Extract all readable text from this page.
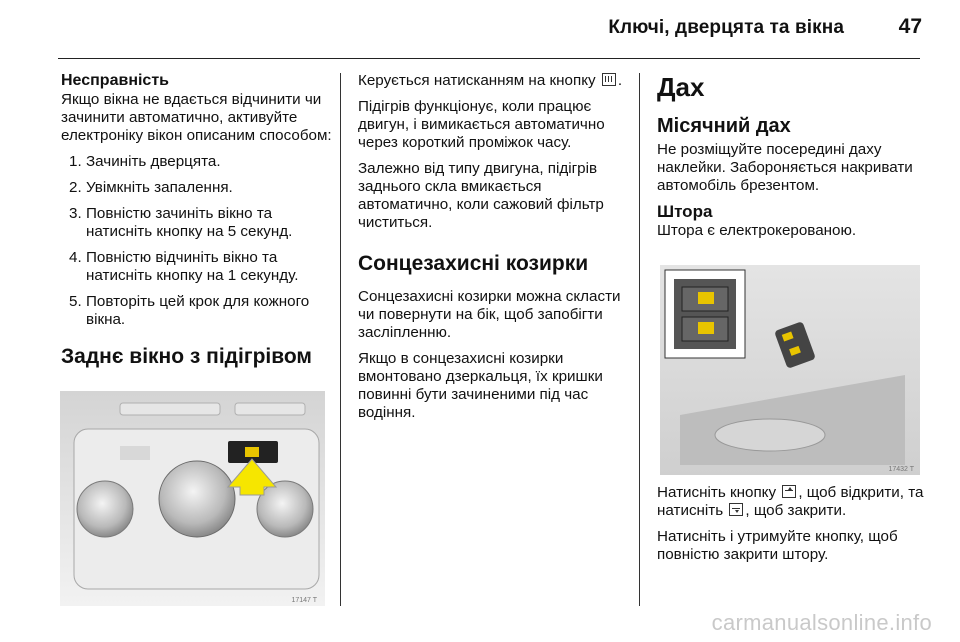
Ключі, дверцята та вікна	47
Несправність

Якщо вікна не вдається відчинити чи зачинити автоматично, активуйте електроніку вікон описаним способом:

1. Зачиніть дверцята.
2. Увімкніть запалення.
3. Повністю зачиніть вікно та натисніть кнопку на 5 секунд.
4. Повністю відчиніть вікно та натисніть кнопку на 1 секунду.
5. Повторіть цей крок для кожного вікна.
Заднє вікно з підігрівом
17147 T

Керується натисканням на кнопку .

Підігрів функціонує, коли працює двигун, і вимикається автоматично через короткий проміжок часу.

Залежно від типу двигуна, підігрів заднього скла вмикається автоматично, коли сажовий фільтр чиститься.

Сонцезахисні козирки

Сонцезахисні козирки можна скласти чи повернути на бік, щоб запобігти засліпленню.

Якщо в сонцезахисні козирки вмонтовано дзеркальця, їх кришки повинні бути зачиненими під час водіння.

Дах
Місячний дах

Не розміщуйте посередині даху наклейки. Забороняється накривати автомобіль брезентом.

Штора

Штора є електрокерованою.

17432 T

Натисніть кнопку , щоб відкрити, та натисніть , щоб закрити.

Натисніть і утримуйте кнопку, щоб повністю закрити штору.

carmanualsonline.info
